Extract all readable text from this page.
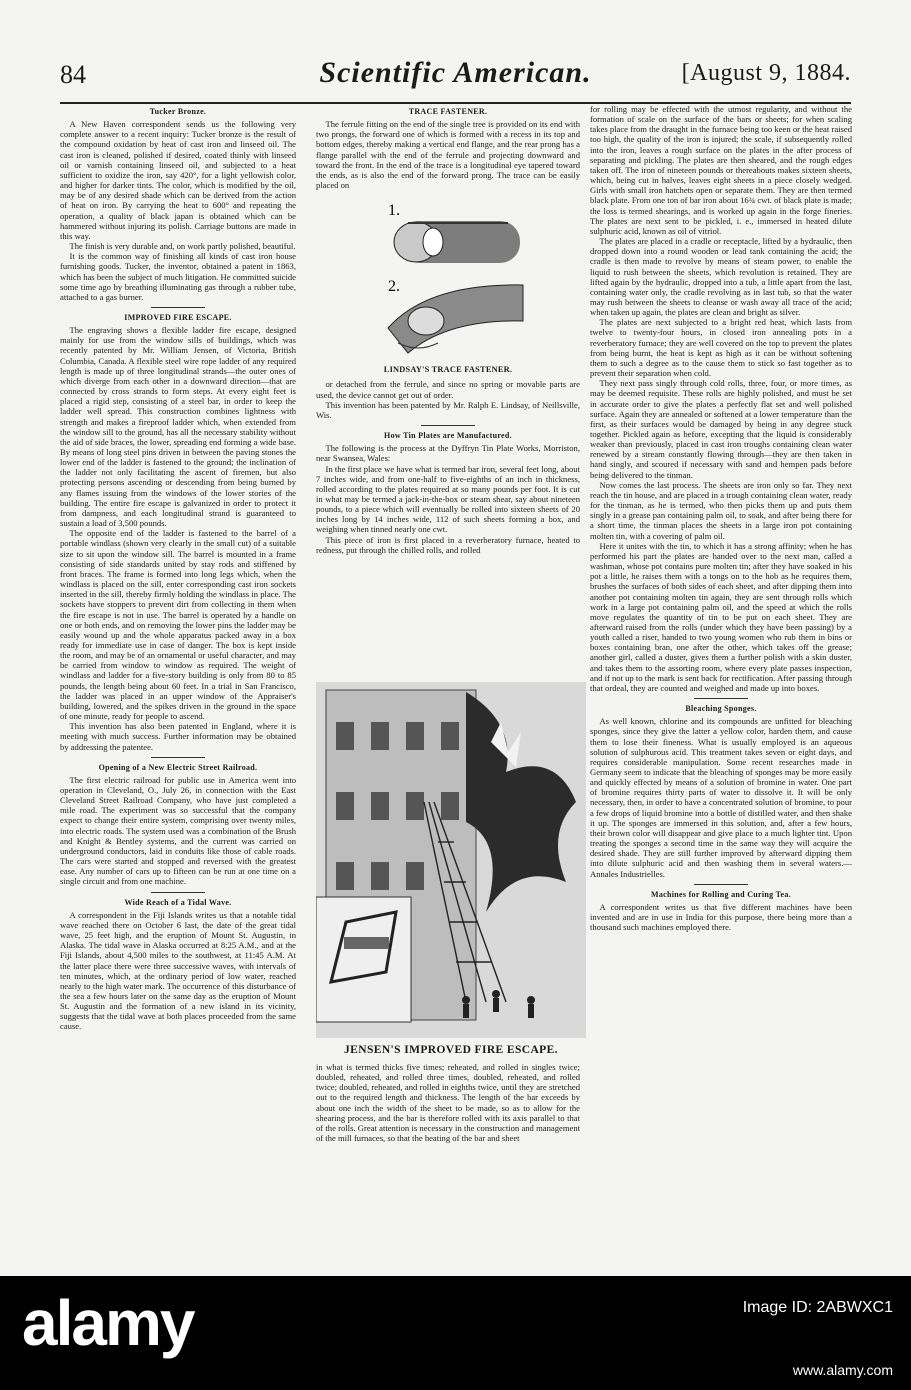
84	Scientific American.	[August 9, 1884.
Tucker Bronze.

A New Haven correspondent sends us the following very complete answer to a recent inquiry: Tucker bronze is the result of the compound oxidation by heat of cast iron and linseed oil. The cast iron is cleaned, polished if desired, coated thinly with linseed oil or varnish containing linseed oil, and subjected to a heat sufficient to oxidize the iron, say 420°, for a light yellowish color, and higher for darker tints. The color, which is modified by the oil, may be of any desired shade which can be derived from the action of heat on iron. By carrying the heat to 600° and repeating the operation, a quality of black japan is obtained which can be hammered without injuring its polish. Carriage buttons are made in this way.

The finish is very durable and, on work partly polished, beautiful.

It is the common way of finishing all kinds of cast iron house furnishing goods. Tucker, the inventor, obtained a patent in 1863, which has been the subject of much litigation. He committed suicide some time ago by breathing illuminating gas through a rubber tube, attached to a gas burner.

IMPROVED FIRE ESCAPE.

The engraving shows a flexible ladder fire escape, designed mainly for use from the window sills of buildings, which was recently patented by Mr. William Jensen, of Victoria, British Columbia, Canada. A flexible steel wire rope ladder of any required length is made up of three longitudinal strands—the outer ones of which diverge from each other in a downward direction—that are connected by cross strands to form steps. At every eight feet is placed a rigid step, consisting of a steel bar, in order to keep the ladder well spread. This construction combines lightness with strength and makes a fireproof ladder which, when extended from the window sill to the ground, has all the necessary stability without the aid of side braces, the lower, spreading end forming a wide base. By means of long steel pins driven in between the paving stones the lower end of the ladder is fastened to the ground; the inclination of the ladder not only facilitating the ascent of firemen, but also protecting persons ascending or descending from being burned by any flames issuing from the windows of the lower stories of the building. The entire fire escape is galvanized in order to protect it from dampness, and each longitudinal strand is guaranteed to sustain a load of 3,500 pounds.

The opposite end of the ladder is fastened to the barrel of a portable windlass (shown very clearly in the small cut) of a suitable size to sit upon the window sill. The barrel is mounted in a frame consisting of side standards united by stay rods and stiffened by front braces. The frame is formed into long legs which, when the windlass is placed on the sill, enter corresponding cast iron sockets inserted in the sill, thereby firmly holding the windlass in place. The sockets have stoppers to prevent dirt from collecting in them when the fire escape is not in use. The barrel is operated by a handle on one or both ends, and on removing the lower pins the ladder may be easily wound up and the whole apparatus packed away in a box ready for immediate use in case of danger. The box is kept inside the room, and may be of an ornamental or useful character, and may be carried from window to window as required. The weight of windlass and ladder for a five-story building is only from 80 to 85 pounds, the length being about 60 feet. In a trial in San Francisco, the ladder was placed in an upper window of the Appraiser's building, lowered, and the spikes driven in the ground in the space of one minute, ready for people to ascend.

This invention has also been patented in England, where it is meeting with much success. Further information may be obtained by addressing the patentee.

Opening of a New Electric Street Railroad.

The first electric railroad for public use in America went into operation in Cleveland, O., July 26, in connection with the East Cleveland Street Railroad Company, who have just completed a mile road. The experiment was so successful that the company expect to change their entire system, comprising over twenty miles, into electric roads. The system used was a combination of the Brush and Knight & Bentley systems, and the current was carried on underground conductors, laid in conduits like those of cable roads. The cars were started and stopped and reversed with the greatest ease. Any number of cars up to fifteen can be run at one time on a single circuit and from one machine.

Wide Reach of a Tidal Wave.

A correspondent in the Fiji Islands writes us that a notable tidal wave reached there on October 6 last, the date of the great tidal wave, 25 feet high, and the eruption of Mount St. Augustin, in Alaska. The tidal wave in Alaska occurred at 8:25 A.M., and at the Fiji Islands, about 4,500 miles to the southwest, at 11:45 A.M. At the latter place there were three successive waves, with intervals of ten minutes, which, at the ordinary period of low water, reached nearly to the high water mark. The occurrence of this disturbance of the sea a few hours later on the same day as the eruption of Mount St. Augustin and the formation of a new island in its vicinity, suggests that the tidal wave at both places proceeded from the same cause.

TRACE FASTENER.

The ferrule fitting on the end of the single tree is provided on its end with two prongs, the forward one of which is formed with a recess in its top and bottom edges, thereby making a vertical end flange, and the rear prong has a flange parallel with the end of the ferrule and projecting downward and toward the front. In the end of the trace is a longitudinal eye tapered toward the ends, as is also the end of the forward prong. The trace can be easily placed on

1.
2.
LINDSAY'S TRACE FASTENER.

or detached from the ferrule, and since no spring or movable parts are used, the device cannot get out of order.

This invention has been patented by Mr. Ralph E. Lindsay, of Neillsville, Wis.

How Tin Plates are Manufactured.

The following is the process at the Dyffryn Tin Plate Works, Morriston, near Swansea, Wales:

In the first place we have what is termed bar iron, several feet long, about 7 inches wide, and from one-half to five-eighths of an inch in thickness, rolled according to the plates required at so many pounds per foot. It is cut in what may be termed a jack-in-the-box or steam shear, say about nineteen pounds, to a piece which will eventually be rolled into sixteen sheets of 20 inches long by 14 inches wide, 112 of such sheets forming a box, and weighing when tinned nearly one cwt.

This piece of iron is first placed in a reverberatory furnace, heated to redness, put through the chilled rolls, and rolled

JENSEN'S IMPROVED FIRE ESCAPE.

in what is termed thicks five times; reheated, and rolled in singles twice; doubled, reheated, and rolled three times, doubled, reheated, and rolled twice; doubled, reheated, and rolled in eighths twice, until they are stretched out to the required length and thickness. The length of the bar exceeds by about one inch the width of the sheet to be made, so as to allow for the shearing process, and the bar is therefore rolled with its axis parallel to that of the rolls. Great attention is necessary in the construction and management of the mill furnaces, so that the heating of the bar and sheet

for rolling may be effected with the utmost regularity, and without the formation of scale on the surface of the bars or sheets; for when scaling takes place from the draught in the furnace being too keen or the heat raised too high, the quality of the iron is injured; the scale, if subsequently rolled into the iron, leaves a rough surface on the plates in the after process of separating and pickling. The plates are then sheared, and the rough edges taken off. The iron of nineteen pounds or thereabouts makes sixteen sheets, which, being cut in halves, leaves eight sheets in a piece closely wedged. Girls with small iron hatchets open or separate them. They are then termed black plate. From one ton of bar iron about 16¾ cwt. of black plate is made; the loss is termed shearings, and is worked up again in the forge fineries. The plates are next sent to be pickled, i. e., immersed in heated dilute sulphuric acid, known as oil of vitriol.

The plates are placed in a cradle or receptacle, lifted by a hydraulic, then dropped down into a round wooden or lead tank containing the acid; the cradle is then made to revolve by means of steam power, to enable the liquid to rush between the sheets, which revolution is retained. They are lifted again by the hydraulic, dropped into a tub, a little apart from the last, containing water only, the cradle revolving as in last tub, so that the water may rush between the sheets to cleanse or wash away all trace of the acid; when taken up again, the plates are clean and bright as silver.

The plates are next subjected to a bright red heat, which lasts from twelve to twenty-four hours, in closed iron annealing pots in a reverberatory furnace; they are well covered on the top to prevent the plates from being burnt, the heat is kept as high as it can be without softening them to such a degree as to the cause them to stick so fast together as to prevent their separation when cold.

They next pass singly through cold rolls, three, four, or more times, as may be deemed requisite. These rolls are highly polished, and must be set in accurate order to give the plates a perfectly flat set and well polished surface. Again they are annealed or softened at a lower temperature than the first, as their surfaces would be damaged by being in any degree stuck together. Pickled again as before, excepting that the liquid is considerably weaker than previously, placed in cast iron troughs containing clean water renewed by a stream constantly flowing through—they are then taken in hand singly, and scoured if necessary with sand and hempen pads before being delivered to the tinman.

Now comes the last process. The sheets are iron only so far. They next reach the tin house, and are placed in a trough containing clean water, ready for the tinman, as he is termed, who then picks them up and puts them singly in a grease pan containing palm oil, to soak, and after being there for a short time, the tinman places the sheets in a large iron pot containing molten tin, with a covering of palm oil.

Here it unites with the tin, to which it has a strong affinity; when he has performed his part the plates are handed over to the next man, called a washman, whose pot contains pure molten tin; after they have soaked in his pot a little, he raises them with a tongs on to the hob as he requires them, brushes the surfaces of both sides of each sheet, and after dipping them into another pot containing molten tin again, they are sent through rolls which work in a large pot containing palm oil, and the speed at which the rolls move regulates the quantity of tin to be put on each sheet. They are afterward raised from the rolls (under which they have been passing) by a youth called a riser, handed to two young women who rub them in bins or boxes containing bran, one after the other, which takes off the grease; another girl, called a duster, gives them a further polish with a skin duster, and takes them to the assorting room, where every plate passes inspection, and if not up to the mark is sent back for rectification. After passing through that ordeal, they are counted and weighed and made up into boxes.

Bleaching Sponges.

As well known, chlorine and its compounds are unfitted for bleaching sponges, since they give the latter a yellow color, harden them, and cause them to lose their fineness. What is usually employed is an aqueous solution of sulphurous acid. This treatment takes seven or eight days, and requires considerable manipulation. Some recent researches made in Germany seem to indicate that the bleaching of sponges may be more easily and quickly effected by means of a solution of bromine in water. One part of bromine requires thirty parts of water to dissolve it. It will be only necessary, then, in order to have a concentrated solution of bromine, to pour a few drops of liquid bromine into a bottle of distilled water, and then shake it up. The sponges are immersed in this solution, and, after a few hours, their brown color will disappear and give place to a much lighter tint. Upon treating the sponges a second time in the same way they will acquire the desired shade. They are still further improved by afterward dipping them into dilute sulphuric acid and then washing them in several waters.—Annales Industrielles.

Machines for Rolling and Curing Tea.

A correspondent writes us that five different machines have been invented and are in use in India for this purpose, there being more than a thousand such machines employed there.

alamy	Image ID: 2ABWXC1
www.alamy.com
